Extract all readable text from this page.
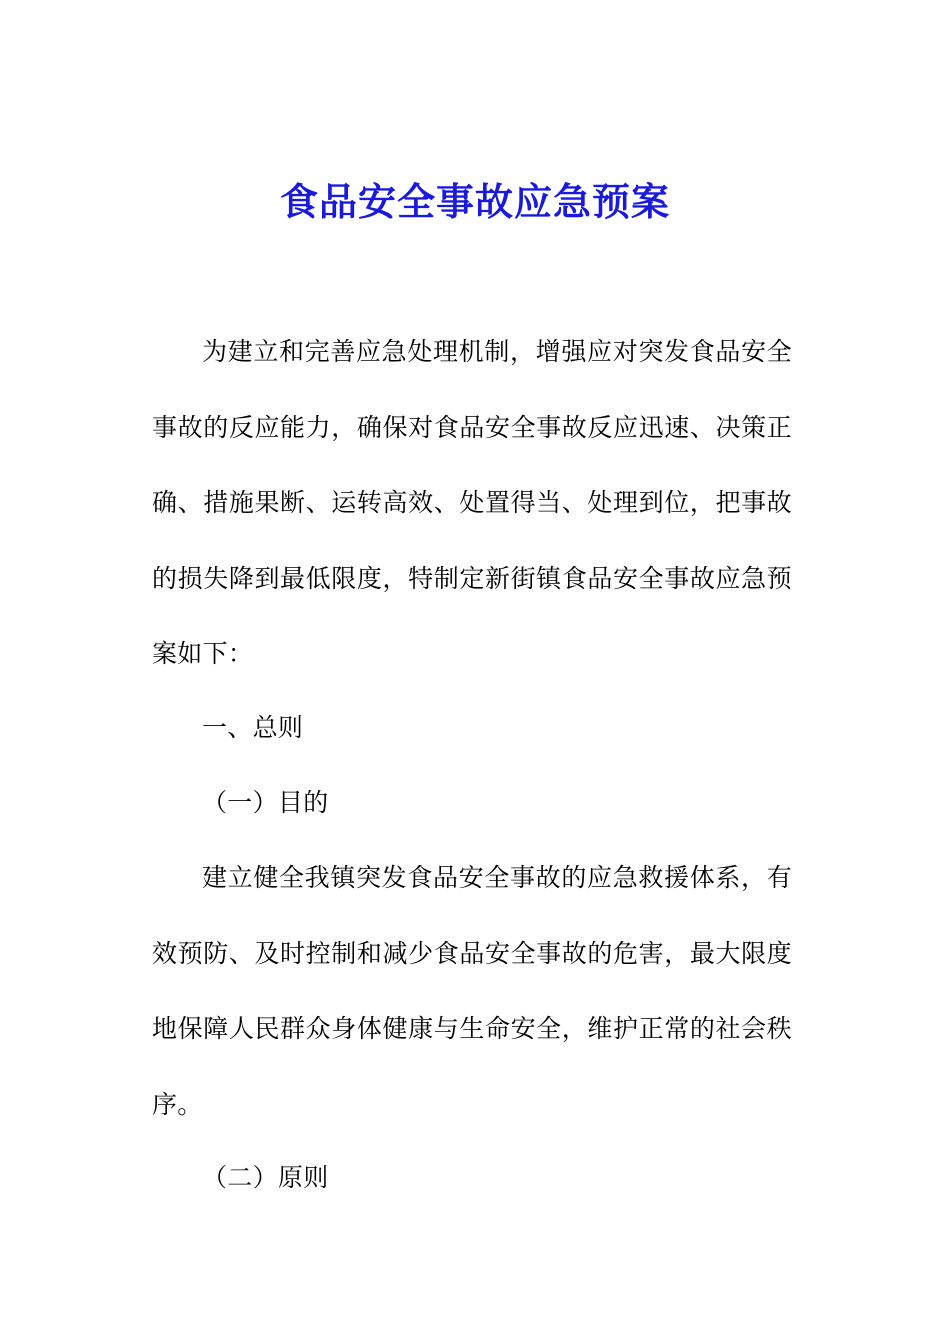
食品安全事故应急预案

为建立和完善应急处理机制，增强应对突发食品安全事故的反应能力，确保对食品安全事故反应迅速、决策正确、措施果断、运转高效、处置得当、处理到位，把事故的损失降到最低限度，特制定新街镇食品安全事故应急预案如下：

一、总则

（一）目的

建立健全我镇突发食品安全事故的应急救援体系，有效预防、及时控制和减少食品安全事故的危害，最大限度地保障人民群众身体健康与生命安全，维护正常的社会秩序。

（二）原则
